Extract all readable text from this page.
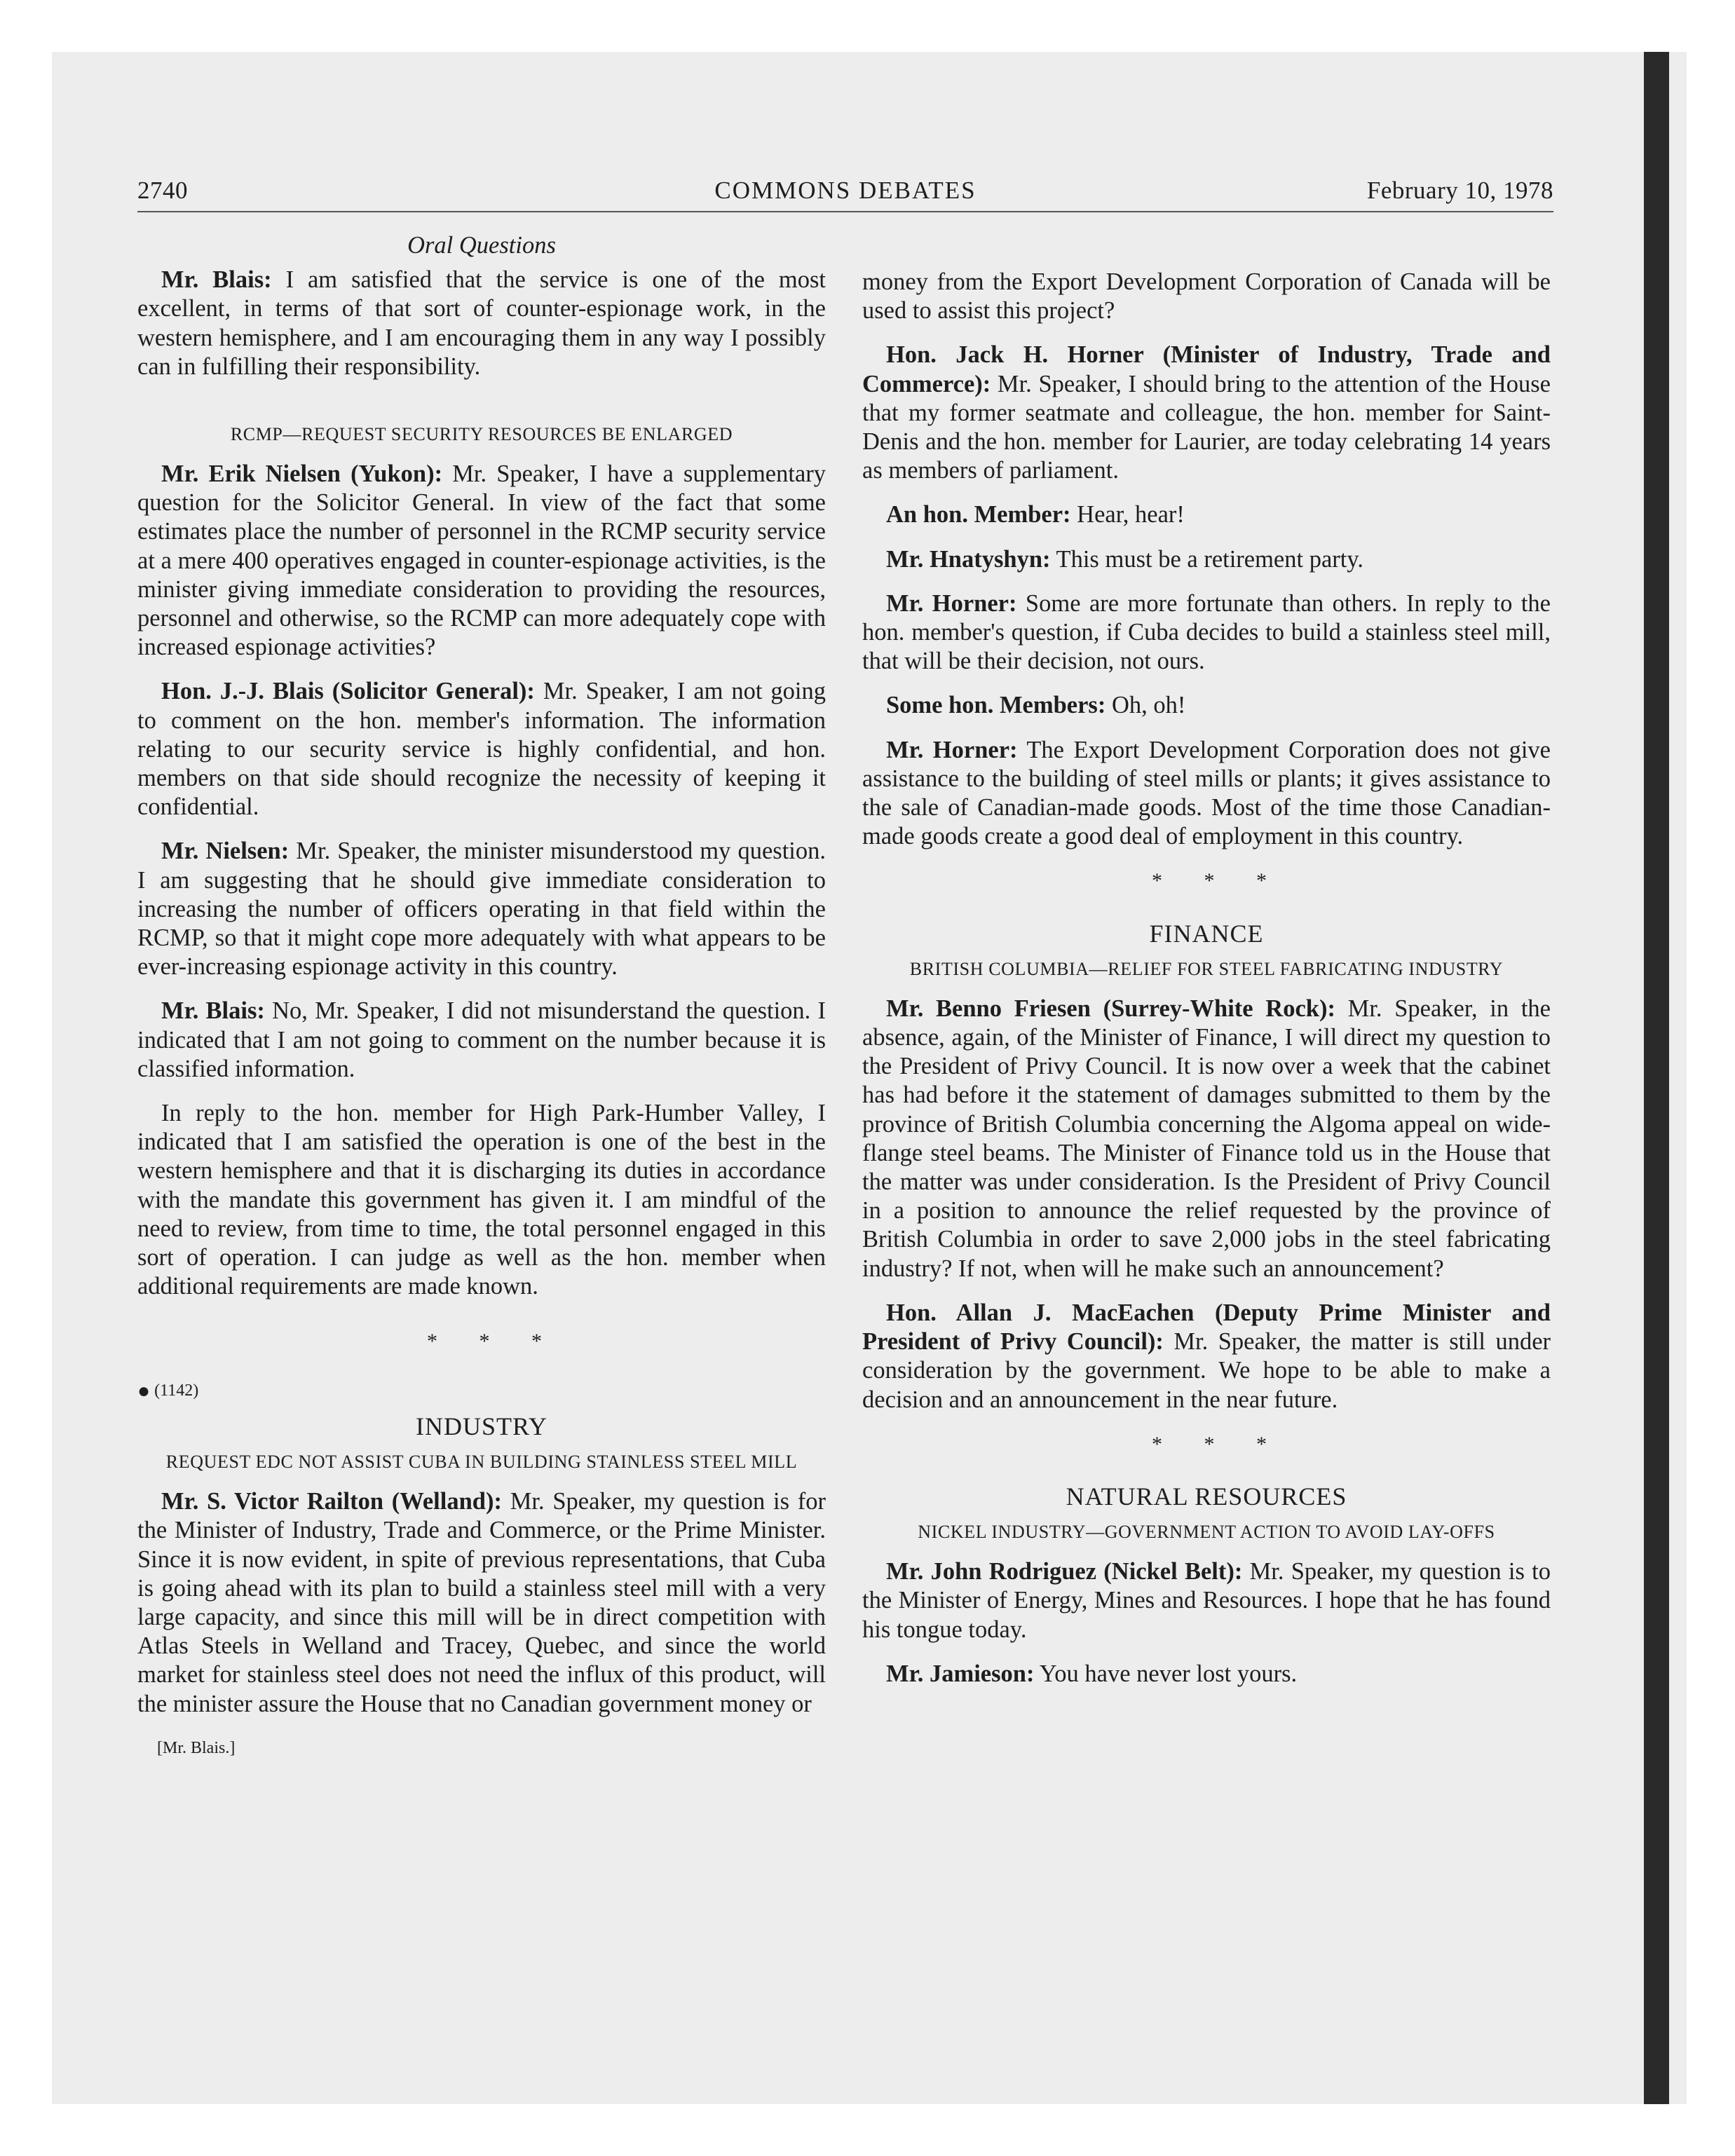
2740	COMMONS DEBATES	February 10, 1978
Oral Questions

Mr. Blais: I am satisfied that the service is one of the most excellent, in terms of that sort of counter-espionage work, in the western hemisphere, and I am encouraging them in any way I possibly can in fulfilling their responsibility.

RCMP—REQUEST SECURITY RESOURCES BE ENLARGED

Mr. Erik Nielsen (Yukon): Mr. Speaker, I have a supplementary question for the Solicitor General. In view of the fact that some estimates place the number of personnel in the RCMP security service at a mere 400 operatives engaged in counter-espionage activities, is the minister giving immediate consideration to providing the resources, personnel and otherwise, so the RCMP can more adequately cope with increased espionage activities?

Hon. J.-J. Blais (Solicitor General): Mr. Speaker, I am not going to comment on the hon. member's information. The information relating to our security service is highly confidential, and hon. members on that side should recognize the necessity of keeping it confidential.

Mr. Nielsen: Mr. Speaker, the minister misunderstood my question. I am suggesting that he should give immediate consideration to increasing the number of officers operating in that field within the RCMP, so that it might cope more adequately with what appears to be ever-increasing espionage activity in this country.

Mr. Blais: No, Mr. Speaker, I did not misunderstand the question. I indicated that I am not going to comment on the number because it is classified information.

In reply to the hon. member for High Park-Humber Valley, I indicated that I am satisfied the operation is one of the best in the western hemisphere and that it is discharging its duties in accordance with the mandate this government has given it. I am mindful of the need to review, from time to time, the total personnel engaged in this sort of operation. I can judge as well as the hon. member when additional requirements are made known.

* * *

● (1142)

INDUSTRY

REQUEST EDC NOT ASSIST CUBA IN BUILDING STAINLESS STEEL MILL

Mr. S. Victor Railton (Welland): Mr. Speaker, my question is for the Minister of Industry, Trade and Commerce, or the Prime Minister. Since it is now evident, in spite of previous representations, that Cuba is going ahead with its plan to build a stainless steel mill with a very large capacity, and since this mill will be in direct competition with Atlas Steels in Welland and Tracey, Quebec, and since the world market for stainless steel does not need the influx of this product, will the minister assure the House that no Canadian government money or

[Mr. Blais.]

money from the Export Development Corporation of Canada will be used to assist this project?

Hon. Jack H. Horner (Minister of Industry, Trade and Commerce): Mr. Speaker, I should bring to the attention of the House that my former seatmate and colleague, the hon. member for Saint-Denis and the hon. member for Laurier, are today celebrating 14 years as members of parliament.

An hon. Member: Hear, hear!

Mr. Hnatyshyn: This must be a retirement party.

Mr. Horner: Some are more fortunate than others. In reply to the hon. member's question, if Cuba decides to build a stainless steel mill, that will be their decision, not ours.

Some hon. Members: Oh, oh!

Mr. Horner: The Export Development Corporation does not give assistance to the building of steel mills or plants; it gives assistance to the sale of Canadian-made goods. Most of the time those Canadian-made goods create a good deal of employment in this country.

* * *

FINANCE

BRITISH COLUMBIA—RELIEF FOR STEEL FABRICATING INDUSTRY

Mr. Benno Friesen (Surrey-White Rock): Mr. Speaker, in the absence, again, of the Minister of Finance, I will direct my question to the President of Privy Council. It is now over a week that the cabinet has had before it the statement of damages submitted to them by the province of British Columbia concerning the Algoma appeal on wide-flange steel beams. The Minister of Finance told us in the House that the matter was under consideration. Is the President of Privy Council in a position to announce the relief requested by the province of British Columbia in order to save 2,000 jobs in the steel fabricating industry? If not, when will he make such an announcement?

Hon. Allan J. MacEachen (Deputy Prime Minister and President of Privy Council): Mr. Speaker, the matter is still under consideration by the government. We hope to be able to make a decision and an announcement in the near future.

* * *

NATURAL RESOURCES

NICKEL INDUSTRY—GOVERNMENT ACTION TO AVOID LAY-OFFS

Mr. John Rodriguez (Nickel Belt): Mr. Speaker, my question is to the Minister of Energy, Mines and Resources. I hope that he has found his tongue today.

Mr. Jamieson: You have never lost yours.
